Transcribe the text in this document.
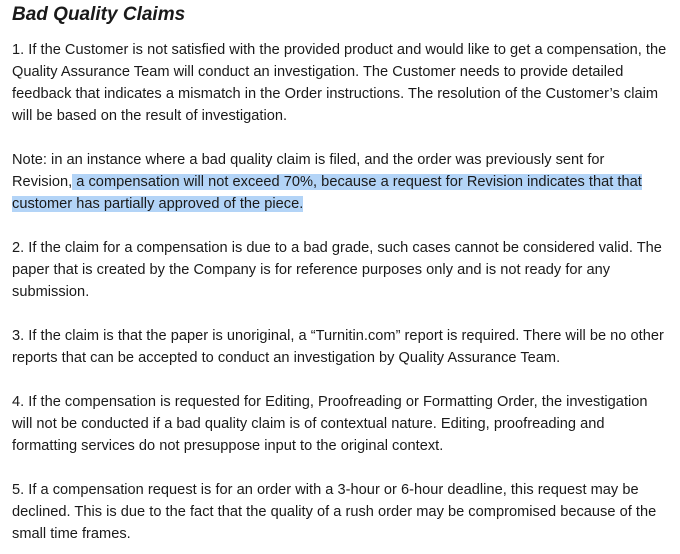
Bad Quality Claims

1. If the Customer is not satisfied with the provided product and would like to get a compensation, the Quality Assurance Team will conduct an investigation. The Customer needs to provide detailed feedback that indicates a mismatch in the Order instructions. The resolution of the Customer’s claim will be based on the result of investigation.

Note: in an instance where a bad quality claim is filed, and the order was previously sent for Revision, a compensation will not exceed 70%, because a request for Revision indicates that that customer has partially approved of the piece.

2. If the claim for a compensation is due to a bad grade, such cases cannot be considered valid. The paper that is created by the Company is for reference purposes only and is not ready for any submission.

3. If the claim is that the paper is unoriginal, a “Turnitin.com” report is required. There will be no other reports that can be accepted to conduct an investigation by Quality Assurance Team.

4. If the compensation is requested for Editing, Proofreading or Formatting Order, the investigation will not be conducted if a bad quality claim is of contextual nature. Editing, proofreading and formatting services do not presuppose input to the original context.

5. If a compensation request is for an order with a 3-hour or 6-hour deadline, this request may be declined. This is due to the fact that the quality of a rush order may be compromised because of the small time frames.
